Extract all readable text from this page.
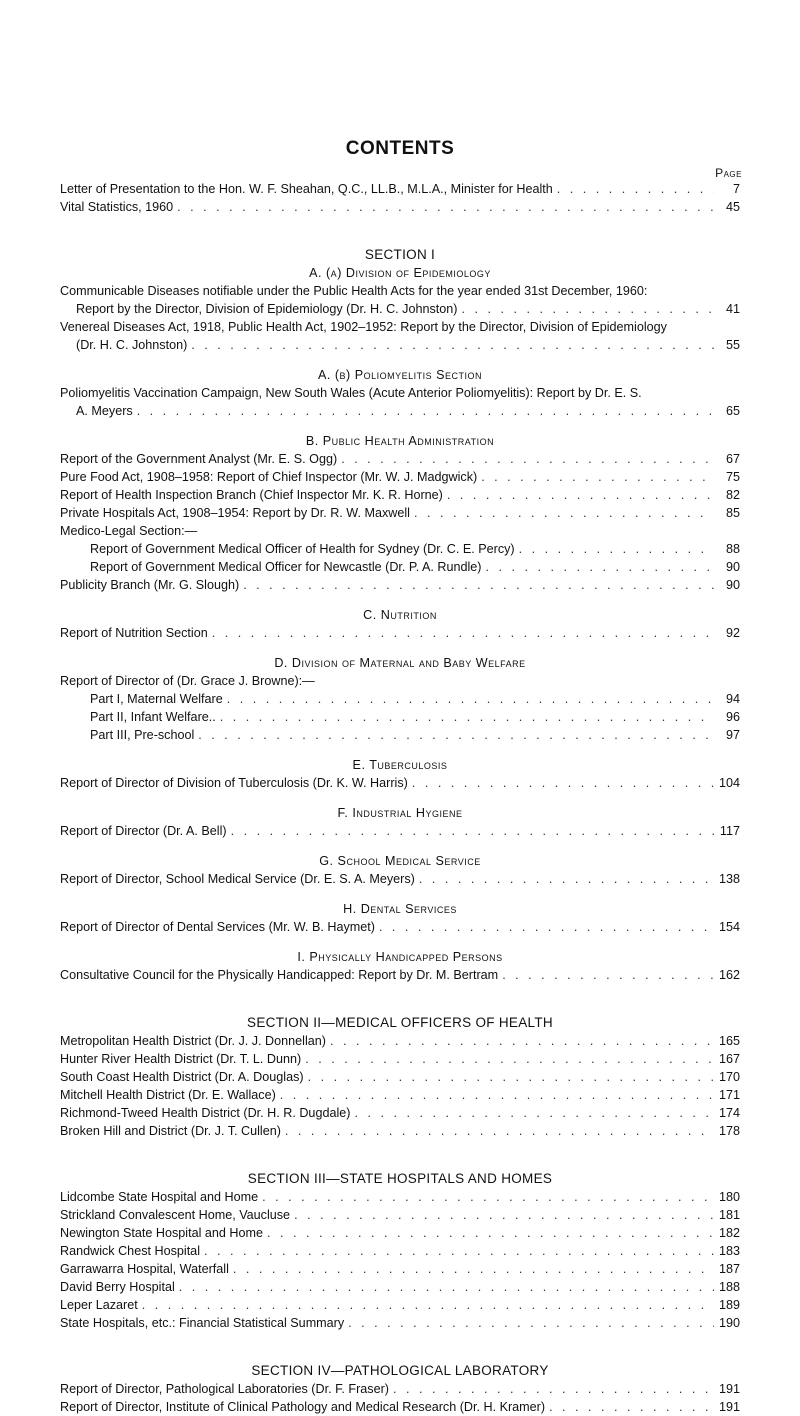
CONTENTS
Page
Letter of Presentation to the Hon. W. F. Sheahan, Q.C., LL.B., M.L.A., Minister for Health . . .	7
Vital Statistics, 1960 . . .	45
SECTION I
A. (a) Division of Epidemiology
Communicable Diseases notifiable under the Public Health Acts for the year ended 31st December, 1960:
Report by the Director, Division of Epidemiology (Dr. H. C. Johnston) . . .	41
Venereal Diseases Act, 1918, Public Health Act, 1902–1952: Report by the Director, Division of Epidemiology
(Dr. H. C. Johnston) . . .	55
A. (b) Poliomyelitis Section
Poliomyelitis Vaccination Campaign, New South Wales (Acute Anterior Poliomyelitis): Report by Dr. E. S.
A. Meyers . . .	65
B. Public Health Administration
Report of the Government Analyst (Mr. E. S. Ogg) . . .	67
Pure Food Act, 1908–1958: Report of Chief Inspector (Mr. W. J. Madgwick) . . .	75
Report of Health Inspection Branch (Chief Inspector Mr. K. R. Horne) . . .	82
Private Hospitals Act, 1908–1954: Report by Dr. R. W. Maxwell . . .	85
Medico-Legal Section:—
Report of Government Medical Officer of Health for Sydney (Dr. C. E. Percy) . . .	88
Report of Government Medical Officer for Newcastle (Dr. P. A. Rundle) . . .	90
Publicity Branch (Mr. G. Slough) . . .	90
C. Nutrition
Report of Nutrition Section . . .	92
D. Division of Maternal and Baby Welfare
Report of Director of (Dr. Grace J. Browne):—
Part I, Maternal Welfare . . .	94
Part II, Infant Welfare.. . . .	96
Part III, Pre-school . . .	97
E. Tuberculosis
Report of Director of Division of Tuberculosis (Dr. K. W. Harris) . . .	104
F. Industrial Hygiene
Report of Director (Dr. A. Bell) . . .	117
G. School Medical Service
Report of Director, School Medical Service (Dr. E. S. A. Meyers) . . .	138
H. Dental Services
Report of Director of Dental Services (Mr. W. B. Haymet) . . .	154
I. Physically Handicapped Persons
Consultative Council for the Physically Handicapped: Report by Dr. M. Bertram . . .	162
SECTION II—MEDICAL OFFICERS OF HEALTH
Metropolitan Health District (Dr. J. J. Donnellan) . . .	165
Hunter River Health District (Dr. T. L. Dunn) . . .	167
South Coast Health District (Dr. A. Douglas) . . .	170
Mitchell Health District (Dr. E. Wallace) . . .	171
Richmond-Tweed Health District (Dr. H. R. Dugdale) . . .	174
Broken Hill and District (Dr. J. T. Cullen) . . .	178
SECTION III—STATE HOSPITALS AND HOMES
Lidcombe State Hospital and Home . . .	180
Strickland Convalescent Home, Vaucluse . . .	181
Newington State Hospital and Home . . .	182
Randwick Chest Hospital . . .	183
Garrawarra Hospital, Waterfall . . .	187
David Berry Hospital . . .	188
Leper Lazaret . . .	189
State Hospitals, etc.: Financial Statistical Summary . . .	190
SECTION IV—PATHOLOGICAL LABORATORY
Report of Director, Pathological Laboratories (Dr. F. Fraser) . . .	191
Report of Director, Institute of Clinical Pathology and Medical Research (Dr. H. Kramer) . . .	191
